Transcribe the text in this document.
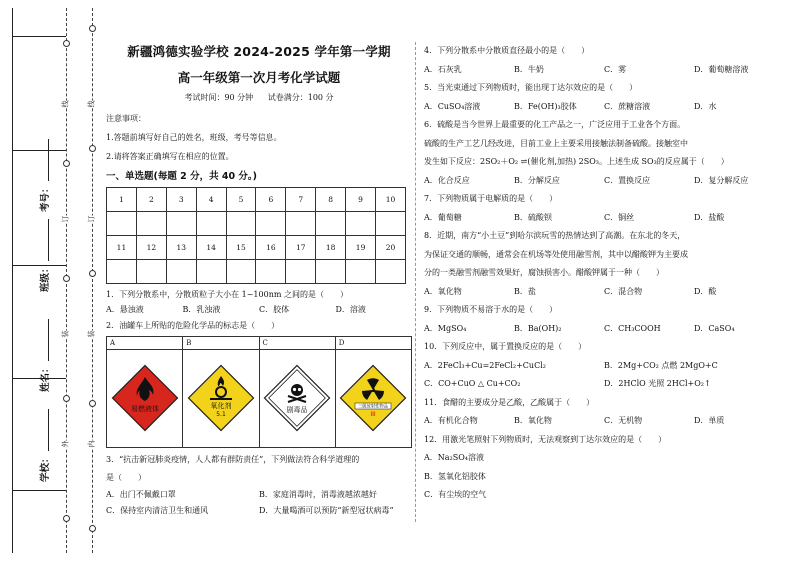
线
订
装
外	内
装
订
线
考号：
班级：
姓名：
学校：
新疆鸿德实验学校 2024-2025 学年第一学期
高一年级第一次月考化学试题
考试时间：90 分钟 试卷满分：100 分
注意事项：
1.答题前填写好自己的姓名，班级，考号等信息。
2.请将答案正确填写在相应的位置。
一、单选题(每题 2 分，共 40 分。)
1	2	3	4	5	6	7	8	9	10

11	12	13	14	15	16	17	18	19	20

1．下列分散系中，分散质粒子大小在 1~100nm 之间的是（　　）
A．悬浊液	B．乳浊液	C．胶体	D．溶液
2．油罐车上所贴的危险化学品的标志是（　　）
A	B	C	D

易燃液体	氧化剂
5.1	剧毒品	三级放射性物品
III
3．“抗击新冠肺炎疫情，人人都有群防责任”，下列做法符合科学道理的
是（　　）
A．出门不佩戴口罩	B．家庭消毒时，消毒液越浓越好
C．保持室内清洁卫生和通风	D．大量喝酒可以预防“新型冠状病毒”
4．下列分散系中分散质直径最小的是（　　）
A．石灰乳	B．牛奶	C．雾	D．葡萄糖溶液
5．当光束通过下列物质时，能出现丁达尔效应的是（　　）
A．CuSO₄溶液	B．Fe(OH)₃胶体	C．蔗糖溶液	D．水
6．硫酸是当今世界上最重要的化工产品之一，广泛应用于工业各个方面。
硫酸的生产工艺几经改进，目前工业上主要采用接触法制备硫酸。接触室中
发生如下反应：2SO₂＋O₂ ⇌(催化剂,加热) 2SO₃。上述生成 SO₃的反应属于（　　）
A．化合反应	B．分解反应	C．置换反应	D．复分解反应
7．下列物质属于电解质的是（　　）
A．葡萄糖	B．硫酸钡	C．铜丝	D．盐酸
8．近期，南方“小土豆”到哈尔滨玩雪的热情达到了高潮。在东北的冬天，
为保证交通的顺畅，通常会在机场等处使用融雪剂，其中以醋酸钾为主要成
分的一类融雪剂融雪效果好，腐蚀损害小。醋酸钾属于一种（　　）
A．氧化物	B．盐	C．混合物	D．酸
9．下列物质不易溶于水的是（　　）
A．MgSO₄	B．Ba(OH)₂	C．CH₃COOH	D．CaSO₄
10．下列反应中，属于置换反应的是（　　）
A．2FeCl₃+Cu=2FeCl₂+CuCl₂	B．2Mg+CO₂ 点燃 2MgO+C
C．CO+CuO △ Cu+CO₂	D．2HClO 光照 2HCl+O₂↑
11．食醋的主要成分是乙酸，乙酸属于（　　）
A．有机化合物	B．氧化物	C．无机物	D．单质
12．用激光笔照射下列物质时，无法观察到丁达尔效应的是（　　）
A．Na₂SO₄溶液
B．氢氧化铝胶体
C．有尘埃的空气
